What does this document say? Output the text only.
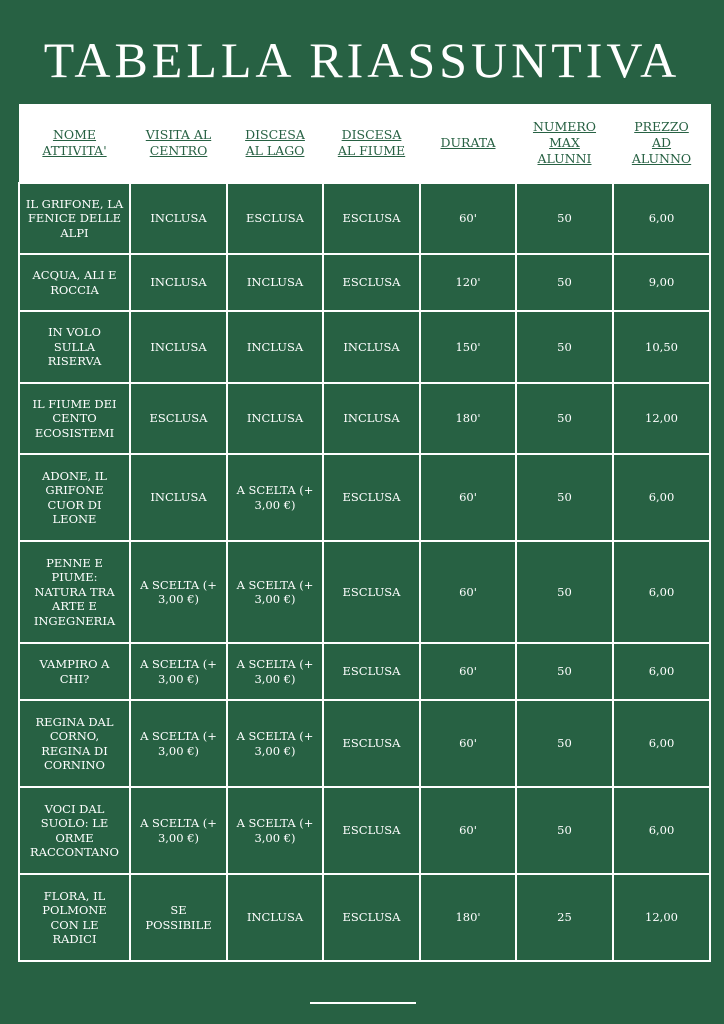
TABELLA RIASSUNTIVA
NOME ATTIVITA'	VISITA AL CENTRO	DISCESA AL LAGO	DISCESA AL FIUME	DURATA	NUMERO MAX ALUNNI	PREZZO AD ALUNNO
IL GRIFONE, LA FENICE DELLE ALPI	INCLUSA	ESCLUSA	ESCLUSA	60'	50	6,00
ACQUA, ALI E ROCCIA	INCLUSA	INCLUSA	ESCLUSA	120'	50	9,00
IN VOLO SULLA RISERVA	INCLUSA	INCLUSA	INCLUSA	150'	50	10,50
IL FIUME DEI CENTO ECOSISTEMI	ESCLUSA	INCLUSA	INCLUSA	180'	50	12,00
ADONE, IL GRIFONE CUOR DI LEONE	INCLUSA	A SCELTA (+ 3,00 €)	ESCLUSA	60'	50	6,00
PENNE E PIUME: NATURA TRA ARTE E INGEGNERIA	A SCELTA (+ 3,00 €)	A SCELTA (+ 3,00 €)	ESCLUSA	60'	50	6,00
VAMPIRO A CHI?	A SCELTA (+ 3,00 €)	A SCELTA (+ 3,00 €)	ESCLUSA	60'	50	6,00
REGINA DAL CORNO, REGINA DI CORNINO	A SCELTA (+ 3,00 €)	A SCELTA (+ 3,00 €)	ESCLUSA	60'	50	6,00
VOCI DAL SUOLO: LE ORME RACCONTANO	A SCELTA (+ 3,00 €)	A SCELTA (+ 3,00 €)	ESCLUSA	60'	50	6,00
FLORA, IL POLMONE CON LE RADICI	SE POSSIBILE	INCLUSA	ESCLUSA	180'	25	12,00
